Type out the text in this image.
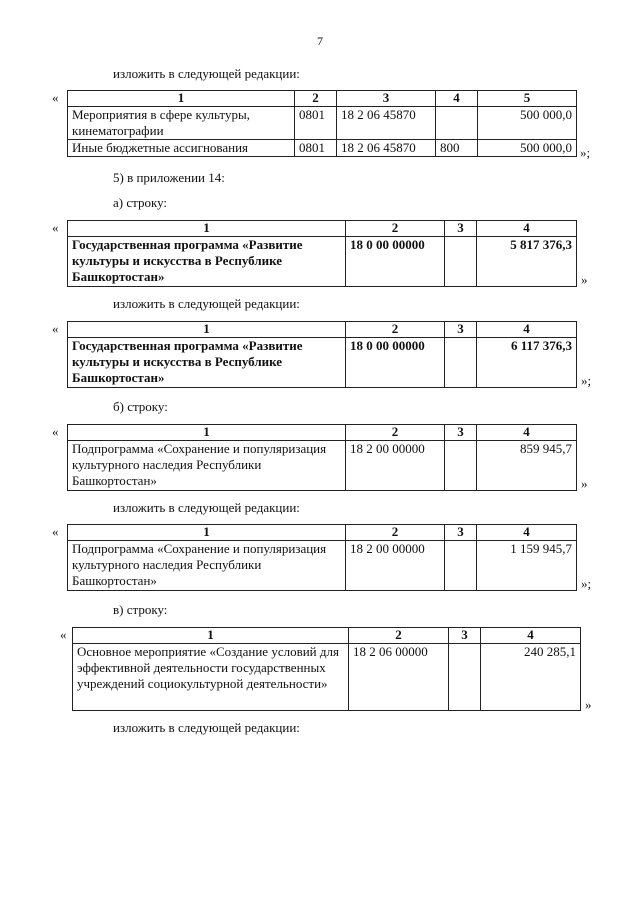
7
изложить в следующей редакции:
«	1	2	3	4	5
Мероприятия в сфере культуры, кинематографии	0801	18 2 06 45870		500 000,0
Иные бюджетные ассигнования	0801	18 2 06 45870	800	500 000,0 »;
5) в приложении 14:
а) строку:
«	1	2	3	4
Государственная программа «Развитие культуры и искусства в Республике Башкортостан»	18 0 00 00000		5 817 376,3
»
изложить в следующей редакции:
«	1	2	3	4
Государственная программа «Развитие культуры и искусства в Республике Башкортостан»	18 0 00 00000		6 117 376,3
»;
б) строку:
«	1	2	3	4
Подпрограмма «Сохранение и популяризация культурного наследия Республики Башкортостан»	18 2 00 00000		859 945,7
»
изложить в следующей редакции:
«	1	2	3	4
Подпрограмма «Сохранение и популяризация культурного наследия Республики Башкортостан»	18 2 00 00000		1 159 945,7
»;
в) строку:
«	1	2	3	4
Основное мероприятие «Создание условий для эффективной деятельности государственных учреждений социокультурной деятельности»	18 2 06 00000		240 285,1
»
изложить в следующей редакции:
